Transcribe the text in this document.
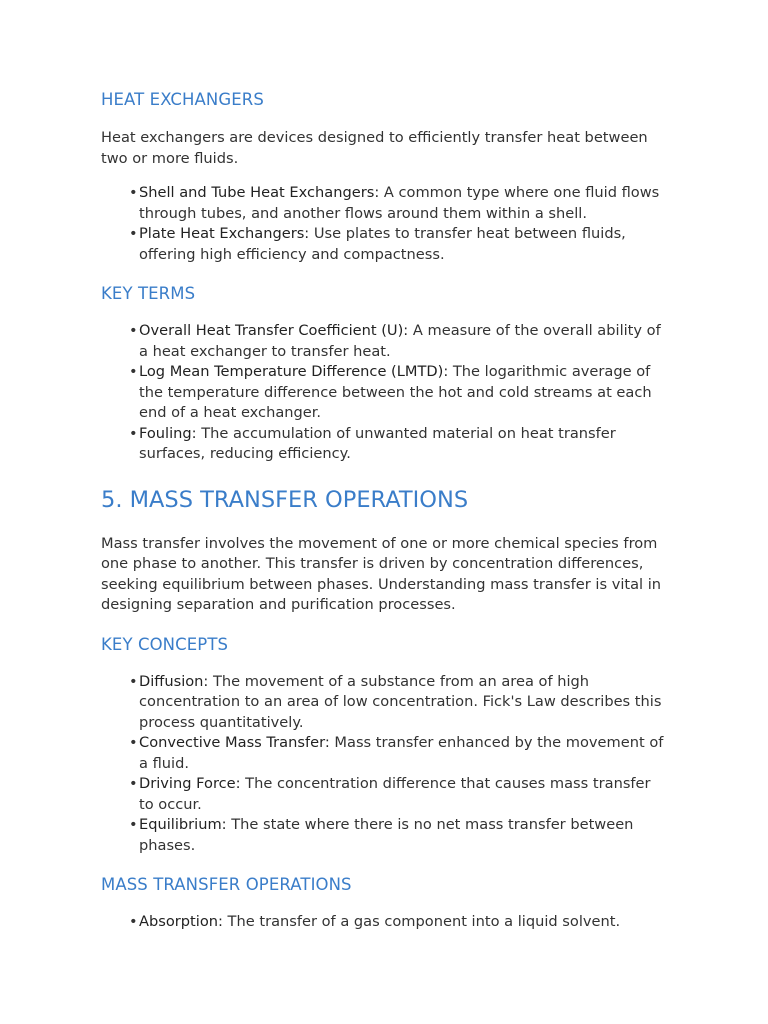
HEAT EXCHANGERS

Heat exchangers are devices designed to efficiently transfer heat between two or more fluids.

• Shell and Tube Heat Exchangers: A common type where one fluid flows through tubes, and another flows around them within a shell.
• Plate Heat Exchangers: Use plates to transfer heat between fluids, offering high efficiency and compactness.
KEY TERMS
• Overall Heat Transfer Coefficient (U): A measure of the overall ability of a heat exchanger to transfer heat.
• Log Mean Temperature Difference (LMTD): The logarithmic average of the temperature difference between the hot and cold streams at each end of a heat exchanger.
• Fouling: The accumulation of unwanted material on heat transfer surfaces, reducing efficiency.
5. MASS TRANSFER OPERATIONS

Mass transfer involves the movement of one or more chemical species from one phase to another. This transfer is driven by concentration differences, seeking equilibrium between phases. Understanding mass transfer is vital in designing separation and purification processes.

KEY CONCEPTS
• Diffusion: The movement of a substance from an area of high concentration to an area of low concentration. Fick's Law describes this process quantitatively.
• Convective Mass Transfer: Mass transfer enhanced by the movement of a fluid.
• Driving Force: The concentration difference that causes mass transfer to occur.
• Equilibrium: The state where there is no net mass transfer between phases.
MASS TRANSFER OPERATIONS
• Absorption: The transfer of a gas component into a liquid solvent.
